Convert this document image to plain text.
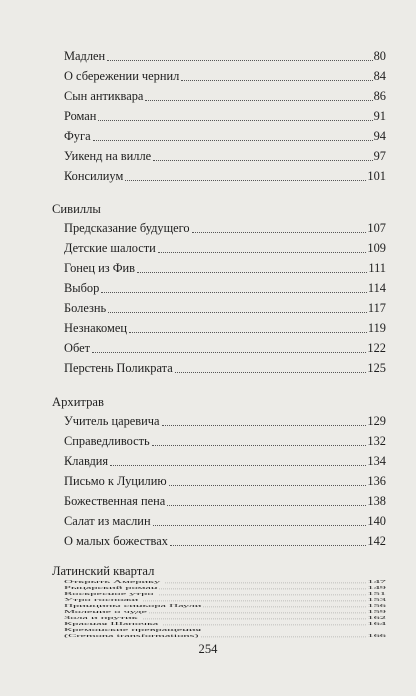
Мадлен	80
О сбережении чернил	84
Сын антиквара	86
Роман	91
Фуга	94
Уикенд на вилле	97
Консилиум	101
Сивиллы
Предсказание будущего	107
Детские шалости	109
Гонец из Фив	111
Выбор	114
Болезнь	117
Незнакомец	119
Обет	122
Перстень Поликрата	125
Архитрав
Учитель царевича	129
Справедливость	132
Клавдия	134
Письмо к Луцилию	136
Божественная пена	138
Салат из маслин	140
О малых божествах	142
Латинский квартал
Открыть Америку	147
Рыцарский роман	149
Воскресное утро	151
Утро госпожи	153
Принципы синьора Паули	156
Моление о чуде	159
Зола и прутик	162
Красная Шапочка	164
Кремонские превращения
(Cremona transformations)	166
254
